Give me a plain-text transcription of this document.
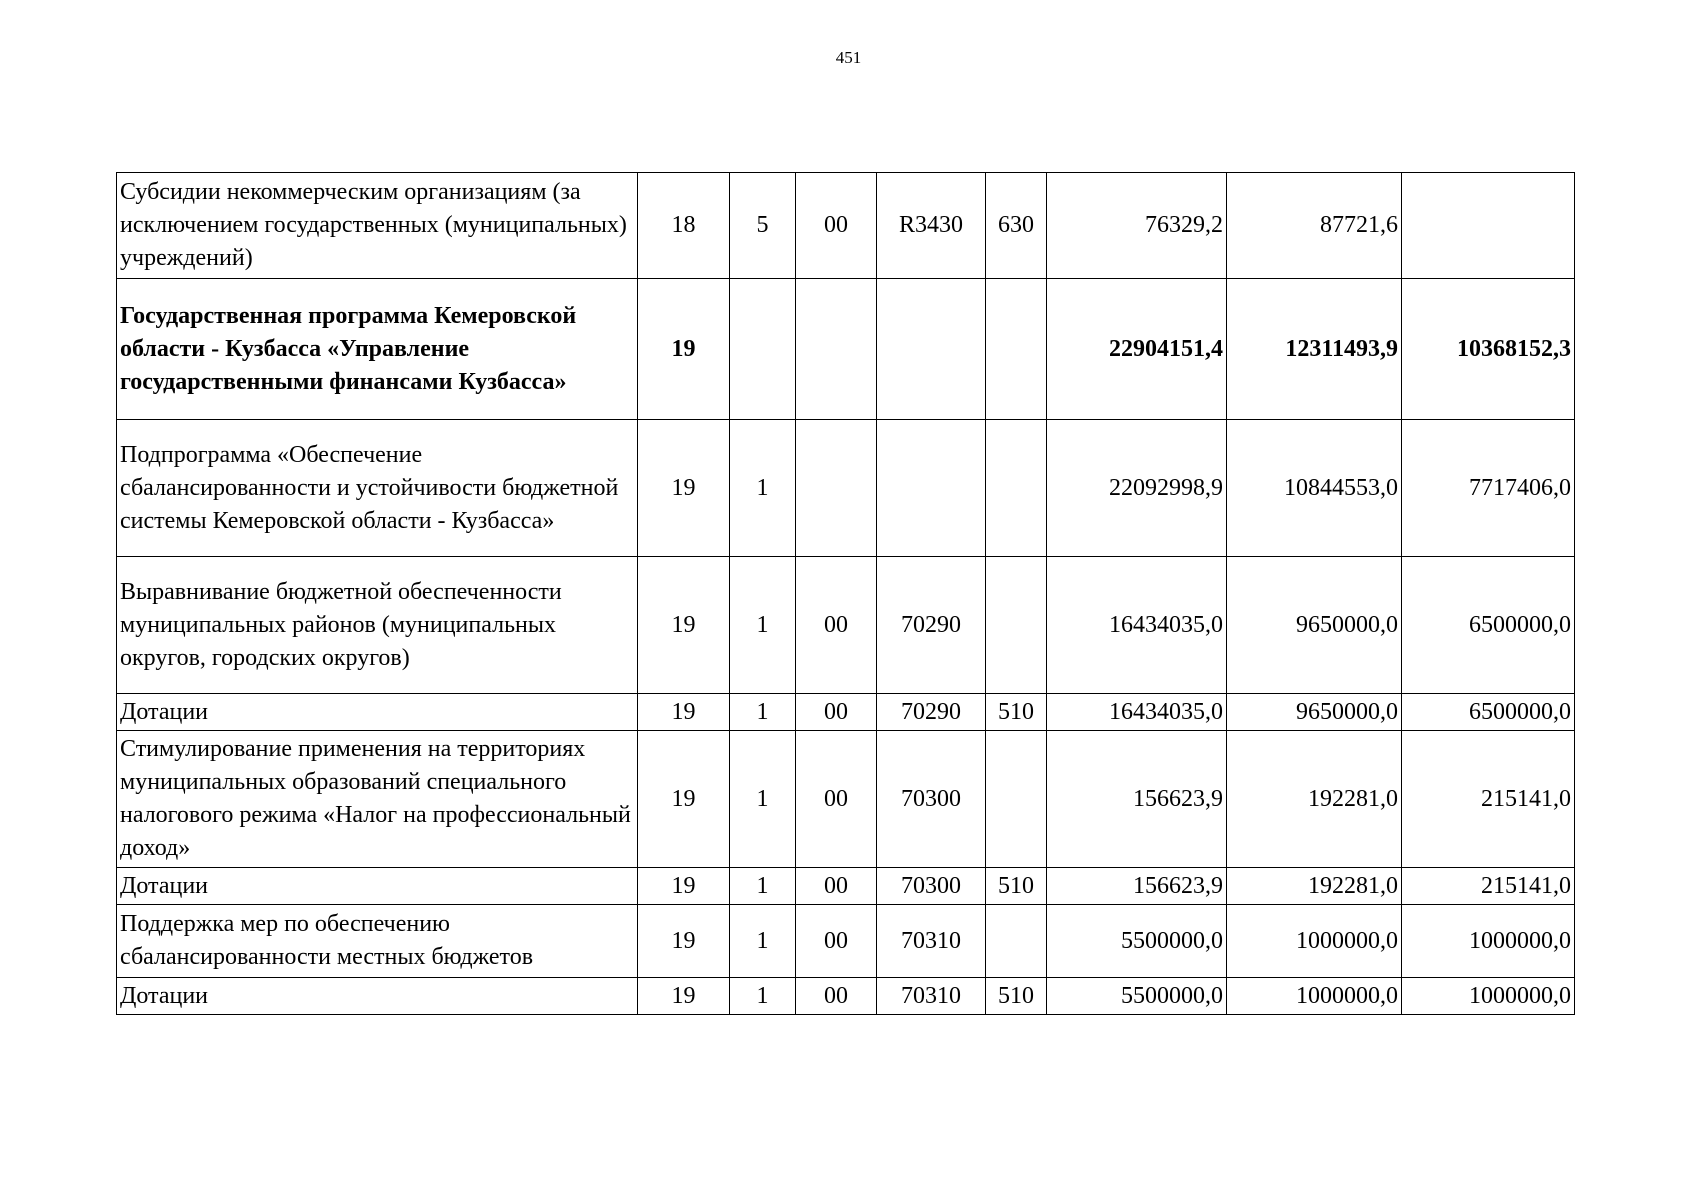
451
Субсидии некоммерческим организациям (за исключением государственных (муниципальных) учреждений)	18	5	00	R3430	630	76329,2	87721,6	
Государственная программа Кемеровской области - Кузбасса «Управление государственными финансами Кузбасса»	19					22904151,4	12311493,9	10368152,3
Подпрограмма «Обеспечение сбалансированности и устойчивости бюджетной системы Кемеровской области - Кузбасса»	19	1				22092998,9	10844553,0	7717406,0
Выравнивание бюджетной обеспеченности муниципальных районов (муниципальных округов, городских округов)	19	1	00	70290		16434035,0	9650000,0	6500000,0
Дотации	19	1	00	70290	510	16434035,0	9650000,0	6500000,0
Стимулирование применения на территориях муниципальных образований специального налогового режима «Налог на профессиональный доход»	19	1	00	70300		156623,9	192281,0	215141,0
Дотации	19	1	00	70300	510	156623,9	192281,0	215141,0
Поддержка мер по обеспечению сбалансированности местных бюджетов	19	1	00	70310		5500000,0	1000000,0	1000000,0
Дотации	19	1	00	70310	510	5500000,0	1000000,0	1000000,0
